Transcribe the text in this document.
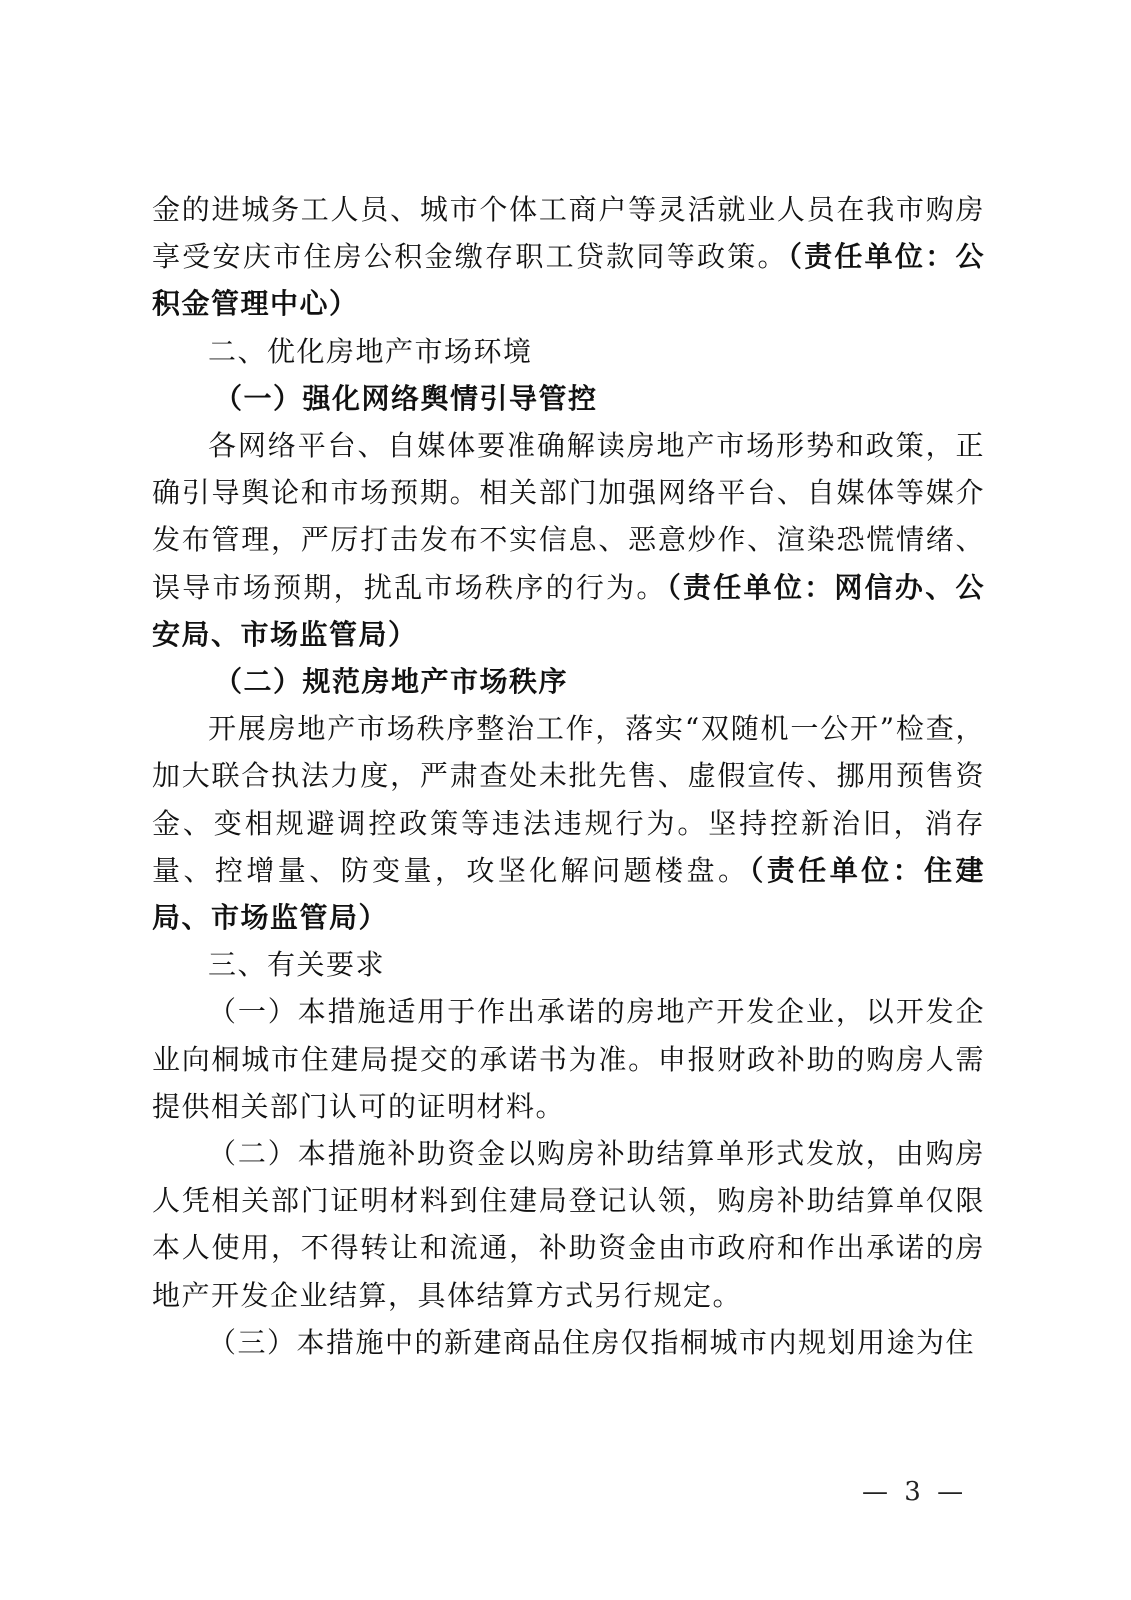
金的进城务工人员、城市个体工商户等灵活就业人员在我市购房享受安庆市住房公积金缴存职工贷款同等政策。（责任单位：公积金管理中心）

二、优化房地产市场环境

（一）强化网络舆情引导管控

各网络平台、自媒体要准确解读房地产市场形势和政策，正确引导舆论和市场预期。相关部门加强网络平台、自媒体等媒介发布管理，严厉打击发布不实信息、恶意炒作、渲染恐慌情绪、误导市场预期，扰乱市场秩序的行为。（责任单位：网信办、公安局、市场监管局）

（二）规范房地产市场秩序

开展房地产市场秩序整治工作，落实“双随机一公开”检查，加大联合执法力度，严肃查处未批先售、虚假宣传、挪用预售资金、变相规避调控政策等违法违规行为。坚持控新治旧，消存量、控增量、防变量，攻坚化解问题楼盘。（责任单位：住建局、市场监管局）

三、有关要求

（一）本措施适用于作出承诺的房地产开发企业，以开发企业向桐城市住建局提交的承诺书为准。申报财政补助的购房人需提供相关部门认可的证明材料。

（二）本措施补助资金以购房补助结算单形式发放，由购房人凭相关部门证明材料到住建局登记认领，购房补助结算单仅限本人使用，不得转让和流通，补助资金由市政府和作出承诺的房地产开发企业结算，具体结算方式另行规定。

（三）本措施中的新建商品住房仅指桐城市内规划用途为住

— 3 —
